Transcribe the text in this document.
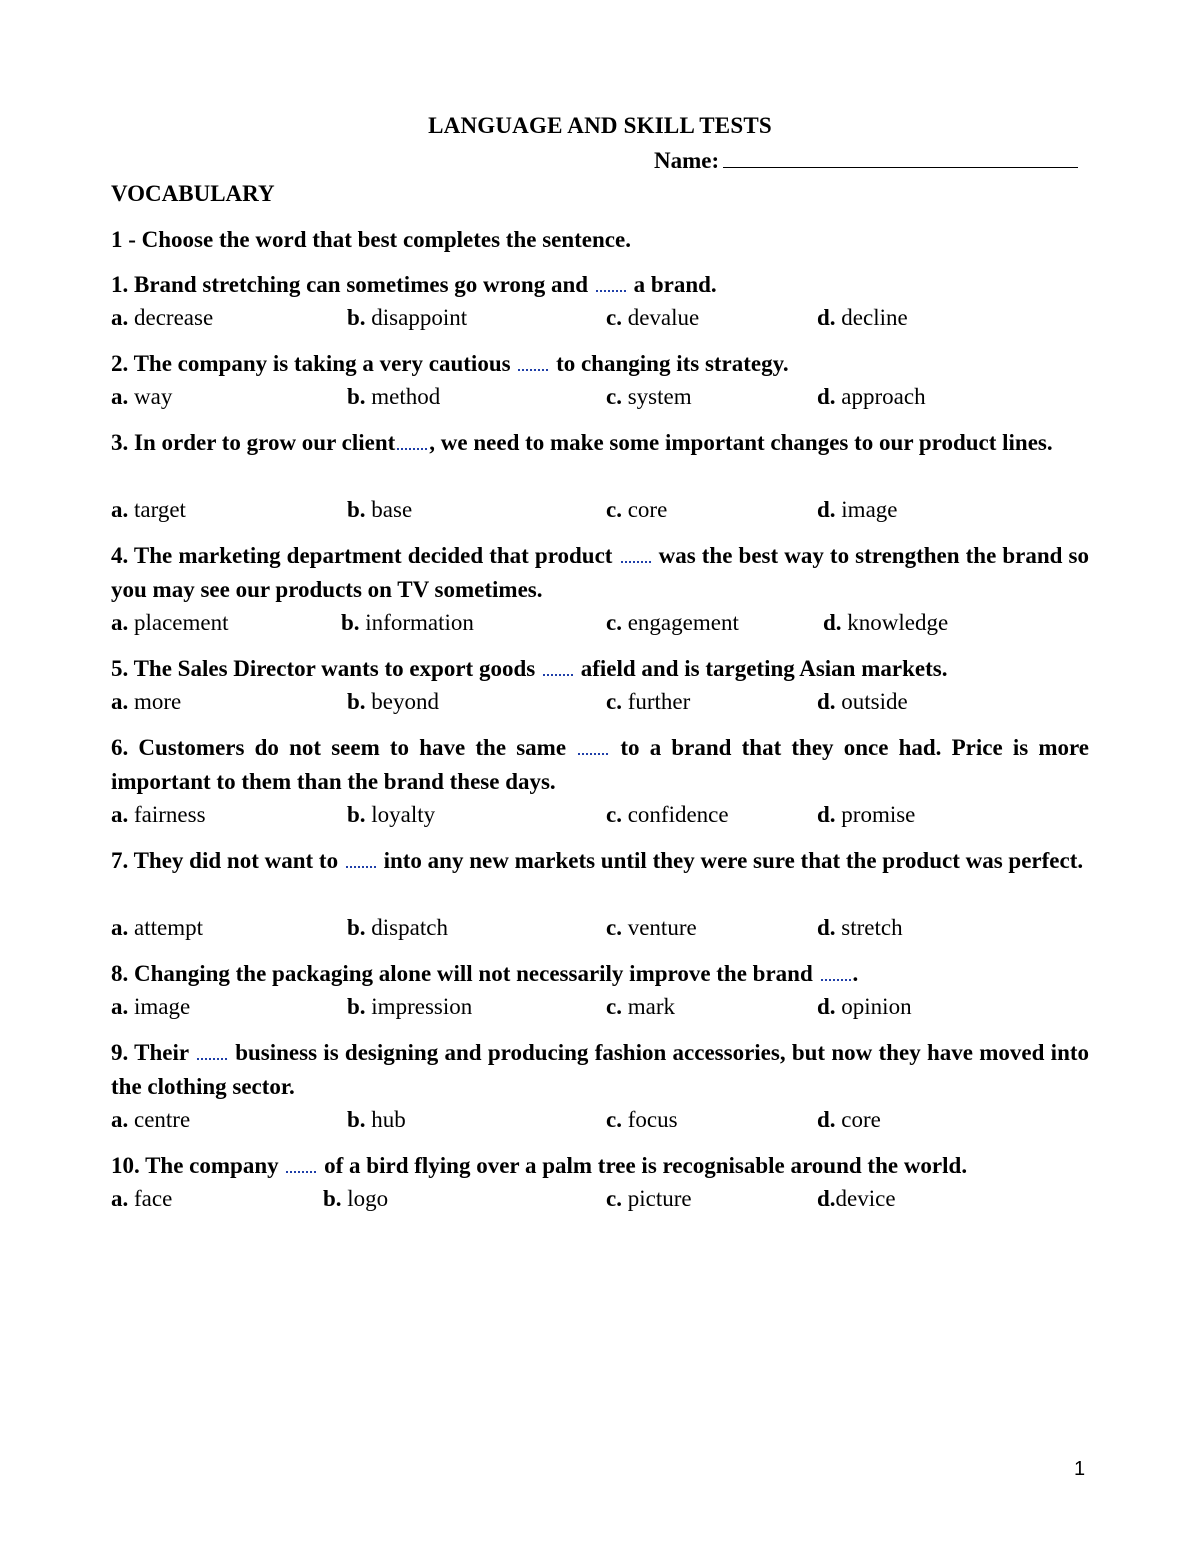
LANGUAGE AND SKILL TESTS
Name:
VOCABULARY
1 - Choose the word that best completes the sentence.
1. Brand stretching can sometimes go wrong and a brand.
a. decrease	b. disappoint	c. devalue	d. decline
2. The company is taking a very cautious to changing its strategy.
a. way	b. method	c. system	d. approach
3. In order to grow our client , we need to make some important changes to our product lines.
a. target	b. base	c. core	d. image
4. The marketing department decided that product was the best way to strengthen the brand so you may see our products on TV sometimes.
a. placement	b. information	c. engagement	d. knowledge
5. The Sales Director wants to export goods afield and is targeting Asian markets.
a. more	b. beyond	c. further	d. outside
6. Customers do not seem to have the same to a brand that they once had. Price is more important to them than the brand these days.
a. fairness	b. loyalty	c. confidence	d. promise
7. They did not want to into any new markets until they were sure that the product was perfect.
a. attempt	b. dispatch	c. venture	d. stretch
8. Changing the packaging alone will not necessarily improve the brand .
a. image	b. impression	c. mark	d. opinion
9. Their business is designing and producing fashion accessories, but now they have moved into the clothing sector.
a. centre	b. hub	c. focus	d. core
10. The company of a bird flying over a palm tree is recognisable around the world.
a. face	b. logo	c. picture	d.device
1
